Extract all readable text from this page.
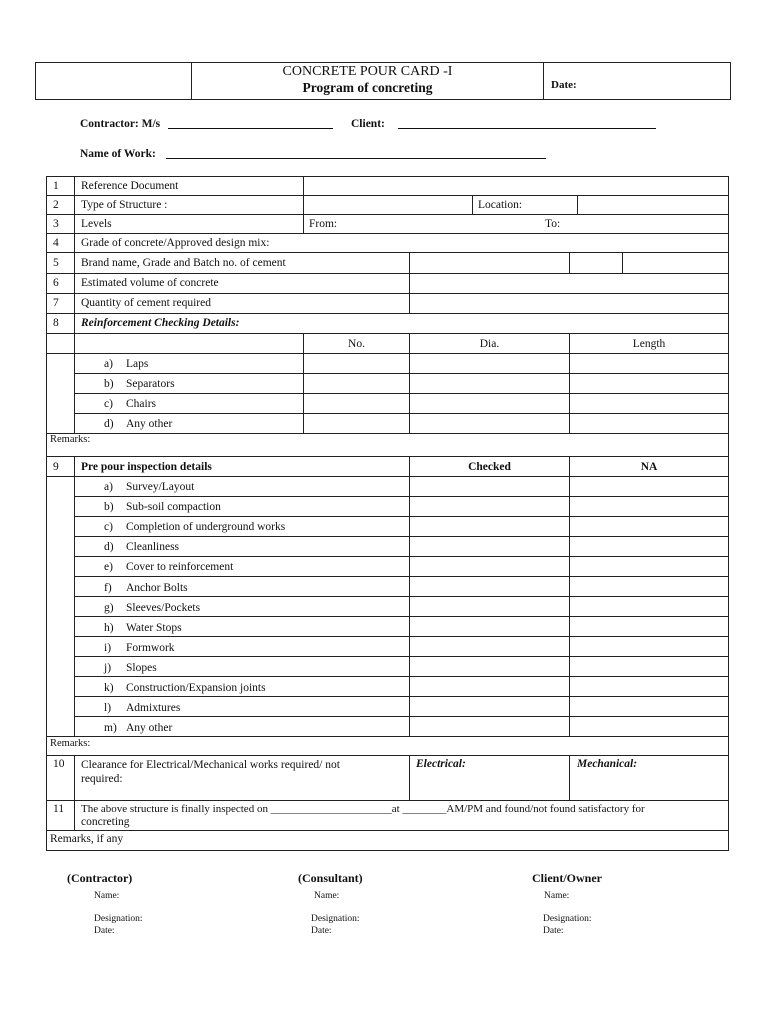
CONCRETE POUR CARD -I
Program of concreting	Date:
Contractor: M/s	Client:
Name of Work:
1 Reference Document
2 Type of Structure :	Location:
3 Levels	From:	To:
4 Grade of concrete/Approved design mix:
5 Brand name, Grade and Batch no. of cement
6 Estimated volume of concrete
7 Quantity of cement required
8 Reinforcement Checking Details:
No.	Dia.	Length
a) Laps
b) Separators
c) Chairs
d) Any other
Remarks:
9 Pre pour inspection details	Checked	NA
a) Survey/Layout
b) Sub-soil compaction
c) Completion of underground works
d) Cleanliness
e) Cover to reinforcement
f) Anchor Bolts
g) Sleeves/Pockets
h) Water Stops
i) Formwork
j) Slopes
k) Construction/Expansion joints
l) Admixtures
m) Any other
Remarks:
10 Clearance for Electrical/Mechanical works required/ not
required:
Electrical:	Mechanical:
11 The above structure is finally inspected on ______________________at ________AM/PM and found/not found satisfactory for
concreting
Remarks, if any
(Contractor)	(Consultant)	Client/Owner
Name:
Designation:
Date:
Name:
Designation:
Date:
Name:
Designation:
Date:
